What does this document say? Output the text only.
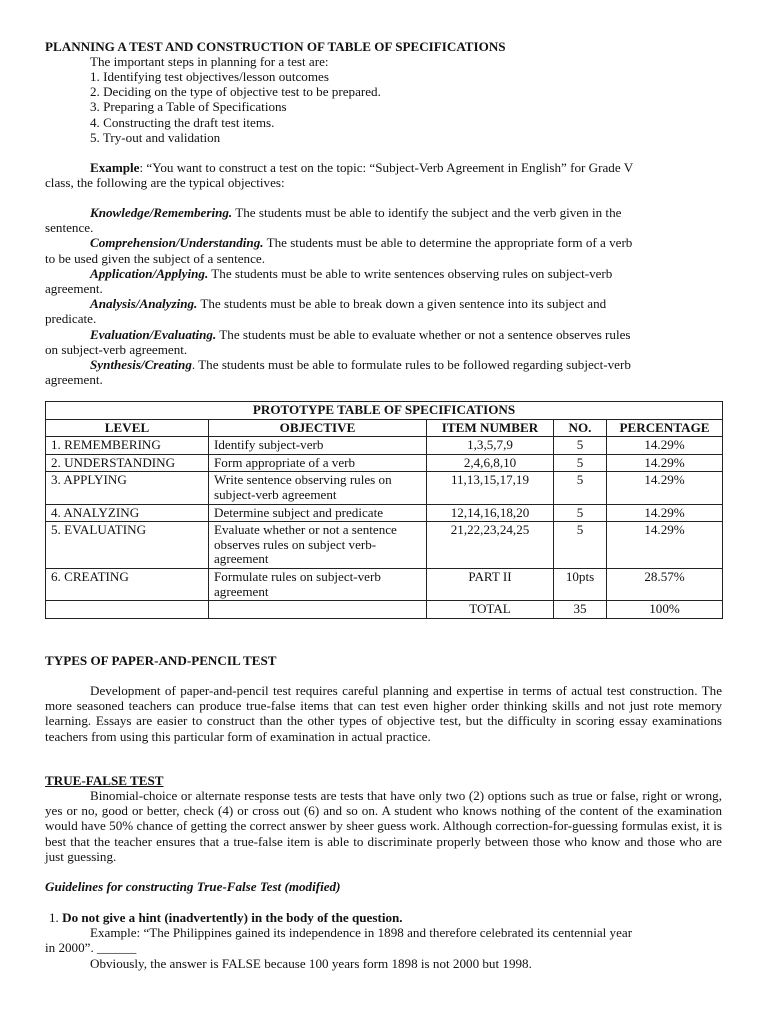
PLANNING A TEST AND CONSTRUCTION OF TABLE OF SPECIFICATIONS
The important steps in planning for a test are:
1. Identifying test objectives/lesson outcomes
2. Deciding on the type of objective test to be prepared.
3. Preparing a Table of Specifications
4. Constructing the draft test items.
5. Try-out and validation

Example: “You want to construct a test on the topic: “Subject-Verb Agreement in English” for Grade V

class, the following are the typical objectives:

Knowledge/Remembering. The students must be able to identify the subject and the verb given in the

sentence.

Comprehension/Understanding. The students must be able to determine the appropriate form of a verb

to be used given the subject of a sentence.

Application/Applying. The students must be able to write sentences observing rules on subject-verb

agreement.

Analysis/Analyzing. The students must be able to break down a given sentence into its subject and

predicate.

Evaluation/Evaluating. The students must be able to evaluate whether or not a sentence observes rules

on subject-verb agreement.

Synthesis/Creating. The students must be able to formulate rules to be followed regarding subject-verb

agreement.

PROTOTYPE TABLE OF SPECIFICATIONS				
LEVEL	OBJECTIVE	ITEM NUMBER	NO.	PERCENTAGE
1. REMEMBERING	Identify subject-verb	1,3,5,7,9	5	14.29%
2. UNDERSTANDING	Form appropriate of a verb	2,4,6,8,10	5	14.29%
3. APPLYING	Write sentence observing rules on subject-verb agreement	11,13,15,17,19	5	14.29%
4. ANALYZING	Determine subject and predicate	12,14,16,18,20	5	14.29%
5. EVALUATING	Evaluate whether or not a sentence observes rules on subject verb-agreement	21,22,23,24,25	5	14.29%
6. CREATING	Formulate rules on subject-verb agreement	PART II	10pts	28.57%
		TOTAL	35	100%
TYPES OF PAPER-AND-PENCIL TEST

Development of paper-and-pencil test requires careful planning and expertise in terms of actual test construction. The more seasoned teachers can produce true-false items that can test even higher order thinking skills and not just rote memory learning. Essays are easier to construct than the other types of objective test, but the difficulty in scoring essay examinations teachers from using this particular form of examination in actual practice.

TRUE-FALSE TEST

Binomial-choice or alternate response tests are tests that have only two (2) options such as true or false, right or wrong, yes or no, good or better, check (4) or cross out (6) and so on. A student who knows nothing of the content of the examination would have 50% chance of getting the correct answer by sheer guess work. Although correction-for-guessing formulas exist, it is best that the teacher ensures that a true-false item is able to discriminate properly between those who know and those who are just guessing.

Guidelines for constructing True-False Test (modified)

1. Do not give a hint (inadvertently) in the body of the question.

Example: “The Philippines gained its independence in 1898 and therefore celebrated its centennial year

in 2000”. ______

Obviously, the answer is FALSE because 100 years form 1898 is not 2000 but 1998.
